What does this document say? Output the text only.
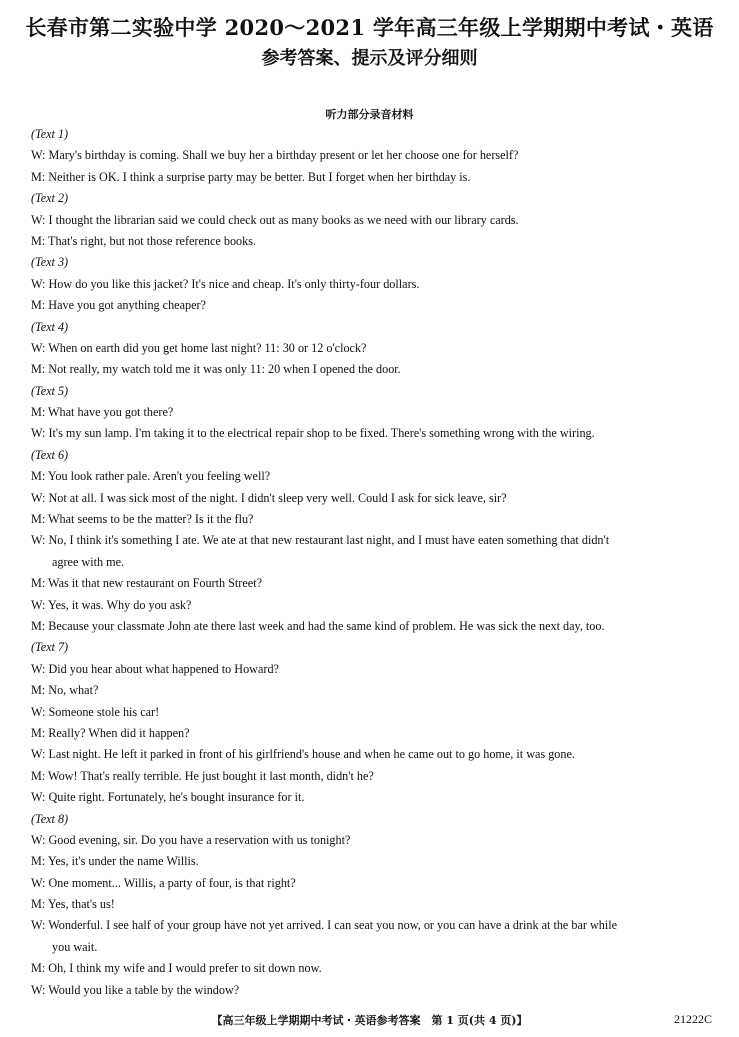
长春市第二实验中学 2020～2021 学年高三年级上学期期中考试・英语
参考答案、提示及评分细则
听力部分录音材料
(Text 1)
W: Mary's birthday is coming. Shall we buy her a birthday present or let her choose one for herself?
M: Neither is OK. I think a surprise party may be better. But I forget when her birthday is.
(Text 2)
W: I thought the librarian said we could check out as many books as we need with our library cards.
M: That's right, but not those reference books.
(Text 3)
W: How do you like this jacket? It's nice and cheap. It's only thirty-four dollars.
M: Have you got anything cheaper?
(Text 4)
W: When on earth did you get home last night? 11: 30 or 12 o'clock?
M: Not really, my watch told me it was only 11: 20 when I opened the door.
(Text 5)
M: What have you got there?
W: It's my sun lamp. I'm taking it to the electrical repair shop to be fixed. There's something wrong with the wiring.
(Text 6)
M: You look rather pale. Aren't you feeling well?
W: Not at all. I was sick most of the night. I didn't sleep very well. Could I ask for sick leave, sir?
M: What seems to be the matter? Is it the flu?
W: No, I think it's something I ate. We ate at that new restaurant last night, and I must have eaten something that didn't
agree with me.
M: Was it that new restaurant on Fourth Street?
W: Yes, it was. Why do you ask?
M: Because your classmate John ate there last week and had the same kind of problem. He was sick the next day, too.
(Text 7)
W: Did you hear about what happened to Howard?
M: No, what?
W: Someone stole his car!
M: Really? When did it happen?
W: Last night. He left it parked in front of his girlfriend's house and when he came out to go home, it was gone.
M: Wow! That's really terrible. He just bought it last month, didn't he?
W: Quite right. Fortunately, he's bought insurance for it.
(Text 8)
W: Good evening, sir. Do you have a reservation with us tonight?
M: Yes, it's under the name Willis.
W: One moment... Willis, a party of four, is that right?
M: Yes, that's us!
W: Wonderful. I see half of your group have not yet arrived. I can seat you now, or you can have a drink at the bar while
you wait.
M: Oh, I think my wife and I would prefer to sit down now.
W: Would you like a table by the window?
【高三年级上学期期中考试・英语参考答案　第 1 页(共 4 页)】	21222C
